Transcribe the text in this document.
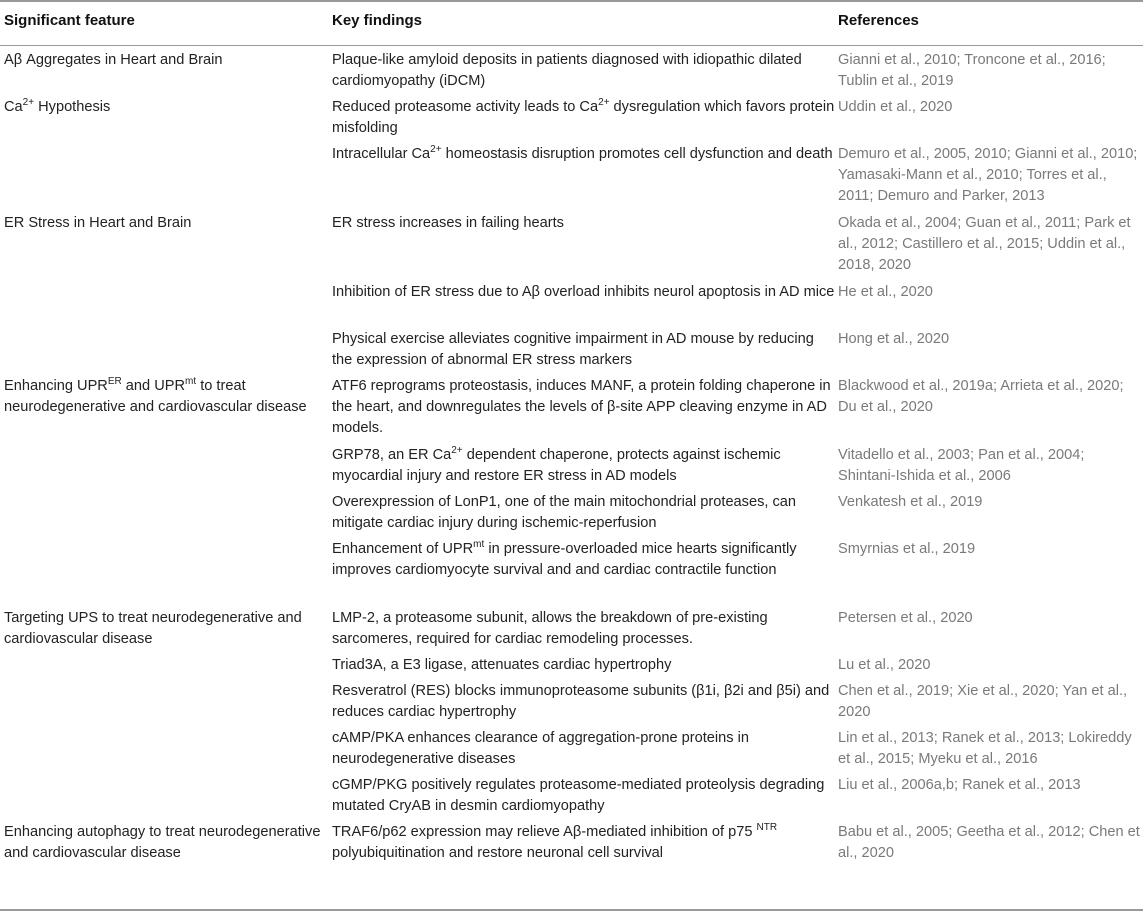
Significant feature	Key findings	References

Aβ Aggregates in Heart and Brain	Plaque-like amyloid deposits in patients diagnosed with idiopathic dilated cardiomyopathy (iDCM)	Gianni et al., 2010; Troncone et al., 2016; Tublin et al., 2019

$Ca^{2+}$ Hypothesis	Reduced proteasome activity leads to $Ca^{2+}$ dysregulation which favors protein misfolding	Uddin et al., 2020

	Intracellular $Ca^{2+}$ homeostasis disruption promotes cell dysfunction and death	Demuro et al., 2005, 2010; Gianni et al., 2010; Yamasaki-Mann et al., 2010; Torres et al., 2011; Demuro and Parker, 2013

ER Stress in Heart and Brain	ER stress increases in failing hearts	Okada et al., 2004; Guan et al., 2011; Park et al., 2012; Castillero et al., 2015; Uddin et al., 2018, 2020

	Inhibition of ER stress due to Aβ overload inhibits neurol apoptosis in AD mice	He et al., 2020

	Physical exercise alleviates cognitive impairment in AD mouse by reducing the expression of abnormal ER stress markers	Hong et al., 2020

Enhancing $UPR^{ER}$ and $UPR^{mt}$ to treat neurodegenerative and cardiovascular disease	ATF6 reprograms proteostasis, induces MANF, a protein folding chaperone in the heart, and downregulates the levels of β-site APP cleaving enzyme in AD models.	Blackwood et al., 2019a; Arrieta et al., 2020; Du et al., 2020

	GRP78, an ER $Ca^{2+}$ dependent chaperone, protects against ischemic myocardial injury and restore ER stress in AD models	Vitadello et al., 2003; Pan et al., 2004; Shintani-Ishida et al., 2006

	Overexpression of LonP1, one of the main mitochondrial proteases, can mitigate cardiac injury during ischemic-reperfusion	Venkatesh et al., 2019

	Enhancement of $UPR^{mt}$ in pressure-overloaded mice hearts significantly improves cardiomyocyte survival and and cardiac contractile function	Smyrnias et al., 2019

Targeting UPS to treat neurodegenerative and cardiovascular disease	LMP-2, a proteasome subunit, allows the breakdown of pre-existing sarcomeres, required for cardiac remodeling processes.	Petersen et al., 2020

	Triad3A, a E3 ligase, attenuates cardiac hypertrophy	Lu et al., 2020

	Resveratrol (RES) blocks immunoproteasome subunits (β1i, β2i and β5i) and reduces cardiac hypertrophy	Chen et al., 2019; Xie et al., 2020; Yan et al., 2020

	cAMP/PKA enhances clearance of aggregation-prone proteins in neurodegenerative diseases	Lin et al., 2013; Ranek et al., 2013; Lokireddy et al., 2015; Myeku et al., 2016

	cGMP/PKG positively regulates proteasome-mediated proteolysis degrading mutated CryAB in desmin cardiomyopathy	Liu et al., 2006a,b; Ranek et al., 2013

Enhancing autophagy to treat neurodegenerative and cardiovascular disease	TRAF6/p62 expression may relieve Aβ-mediated inhibition of p75 $^{NTR}$ polyubiquitination and restore neuronal cell survival	Babu et al., 2005; Geetha et al., 2012; Chen et al., 2020
